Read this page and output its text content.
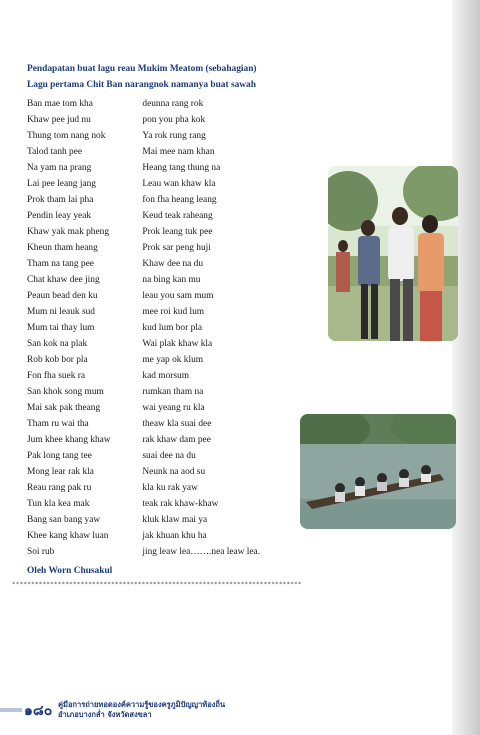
Pendapatan buat lagu reau Mukim Meatom (sebahagian)
Lagu pertama Chit Ban narangnok namanya buat sawah
Ban mae tom kha	deunna rang rok
Khaw pee jud nu	pon you pha kok
Thung tom nang nok	Ya rok rung rang
Talod tanh pee	Mai mee nam khan
Na yam na prang	Heang tang thung na
Lai pee leang jang	Leau wan khaw kla
Prok tham lai pha	fon fha heang leang
Pendin leay yeak	Keud teak raheang
Khaw yak mak pheng	Prok leang tuk pee
Kheun tham heang	Prok sar peng huji
Tham na tang pee	Khaw dee na du
Chat khaw dee jing	na bing kan mu
Peaun bead den ku	leau you sam mum
Mum ni leauk sud	mee roi kud lum
Mum tai thay lum	kud lum bor pla
San kok na plak	Wai plak khaw kla
Rob kob bor pla	me yap ok klum
Fon fha suek ra	kad morsum
San khok song mum	rumkan tham na
Mai sak pak theang	wai yeang ru kla
Tham ru wai tha	theaw kla suai dee
Jum khee khang khaw	rak khaw dam pee
Pak long tang tee	suai dee na du
Mong lear rak kla	Neunk na aod su
Reau rang pak ru	kla ku rak yaw
Tun kla kea mak	teak rak khaw-khaw
Bang san bang yaw	kluk klaw mai ya
Khee kang khaw luan	jak khuan khu ha
Soi rub	jing leaw lea…….nea leaw lea.
Oleh Worn Chusakul
****************************************************************************
๑๘๐ คู่มือการถ่ายทอดองค์ความรู้ของครูภูมิปัญญาท้องถิ่น
อำเภอบางกล่ำ จังหวัดสงขลา
